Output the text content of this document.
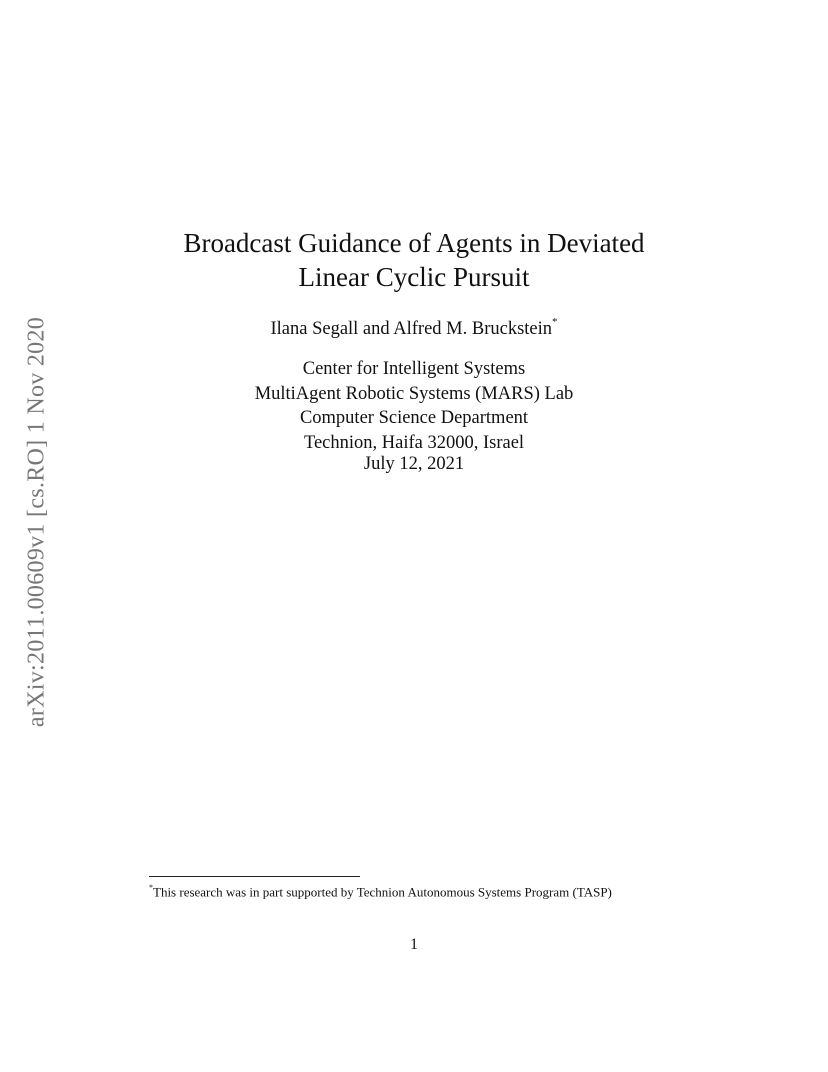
arXiv:2011.00609v1 [cs.RO] 1 Nov 2020
Broadcast Guidance of Agents in Deviated
Linear Cyclic Pursuit
Ilana Segall and Alfred M. Bruckstein*
Center for Intelligent Systems
MultiAgent Robotic Systems (MARS) Lab
Computer Science Department
Technion, Haifa 32000, Israel
July 12, 2021
*This research was in part supported by Technion Autonomous Systems Program (TASP)
1
